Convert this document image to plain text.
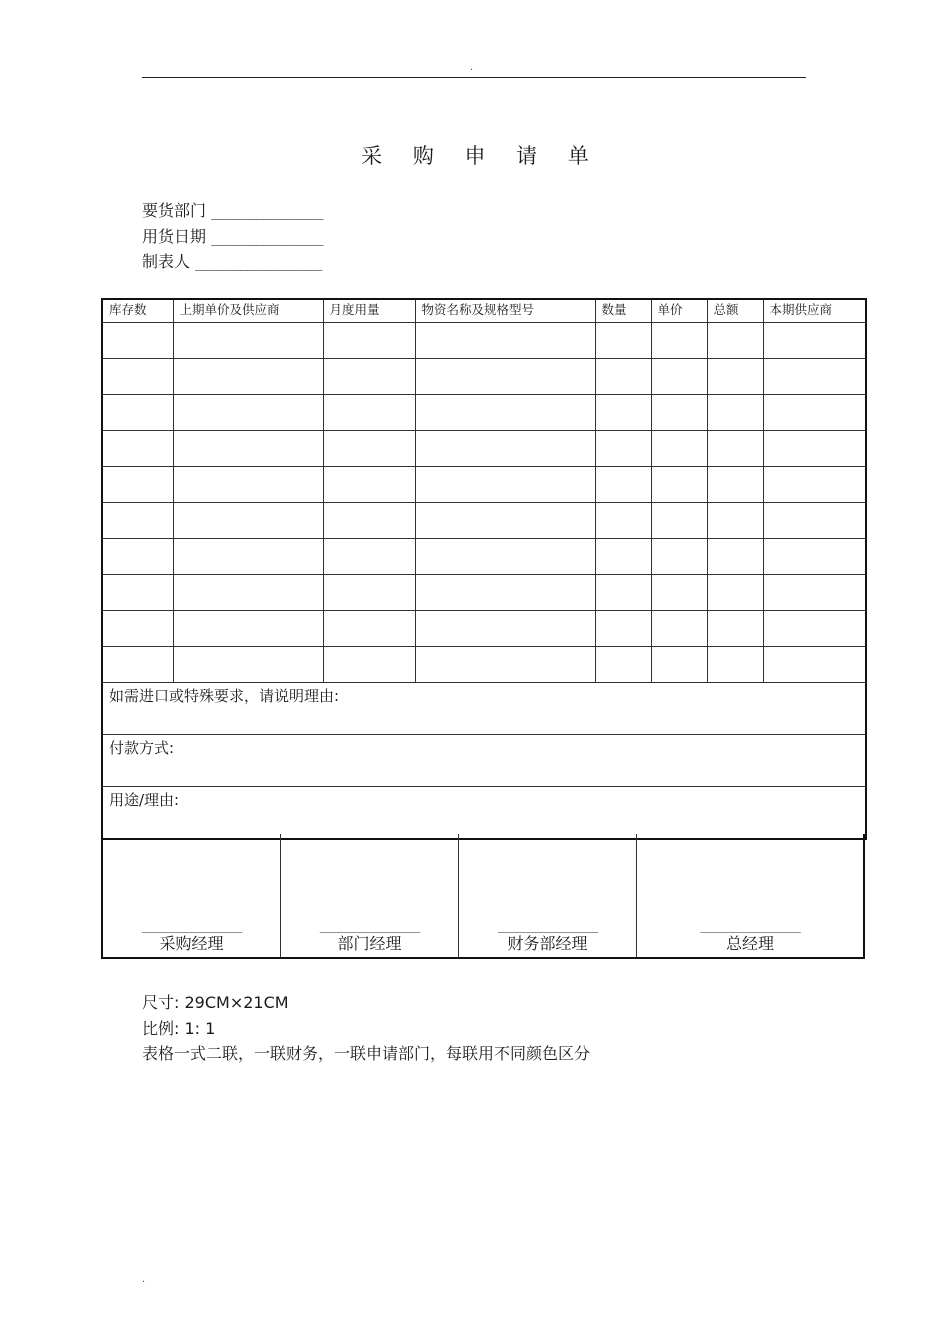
.
采 购 申 请 单
要货部门 _______________
用货日期 _______________
制表人 _________________
库存数	上期单价及供应商	月度用量	物资名称及规格型号	数量	单价	总额	本期供应商

如需进口或特殊要求，请说明理由:							
付款方式:							
用途/理由:							
________________
采购经理
________________
部门经理
________________
财务部经理
________________
总经理
尺寸: 29CM×21CM
比例: 1: 1
表格一式二联，一联财务，一联申请部门，每联用不同颜色区分
.
